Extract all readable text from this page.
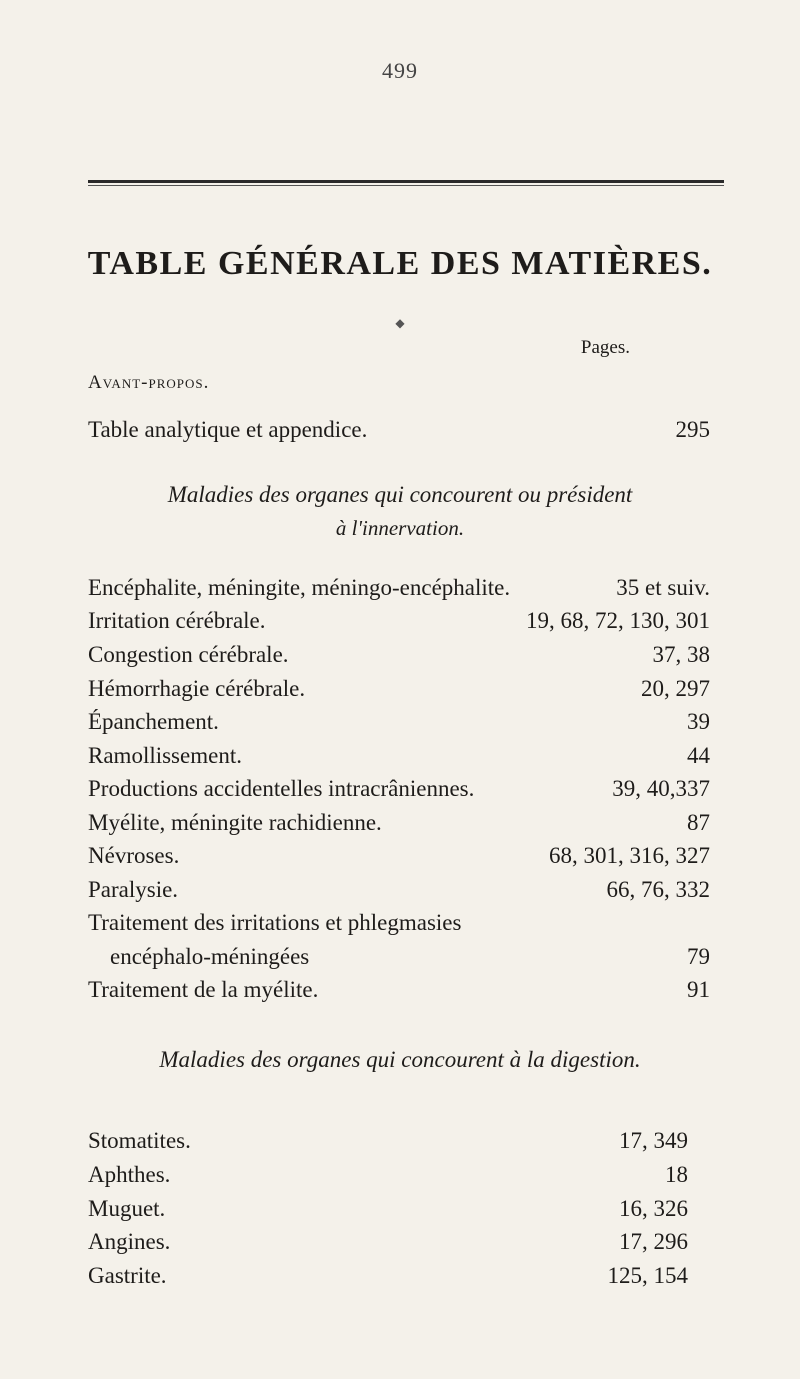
499
TABLE GÉNÉRALE DES MATIÈRES.
◆
Pages.
Avant-propos.
Table analytique et appendice.	295
Maladies des organes qui concourent ou président
à l'innervation.
Encéphalite, méningite, méningo-encéphalite.	35 et suiv.
Irritation cérébrale.	19, 68, 72, 130, 301
Congestion cérébrale.	37, 38
Hémorrhagie cérébrale.	20, 297
Épanchement.	39
Ramollissement.	44
Productions accidentelles intracrâniennes.	39, 40,337
Myélite, méningite rachidienne.	87
Névroses.	68, 301, 316, 327
Paralysie.	66, 76, 332
Traitement des irritations et phlegmasies
encéphalo-méningées	79
Traitement de la myélite.	91
Maladies des organes qui concourent à la digestion.
Stomatites.	17, 349
Aphthes.	18
Muguet.	16, 326
Angines.	17, 296
Gastrite.	125, 154
